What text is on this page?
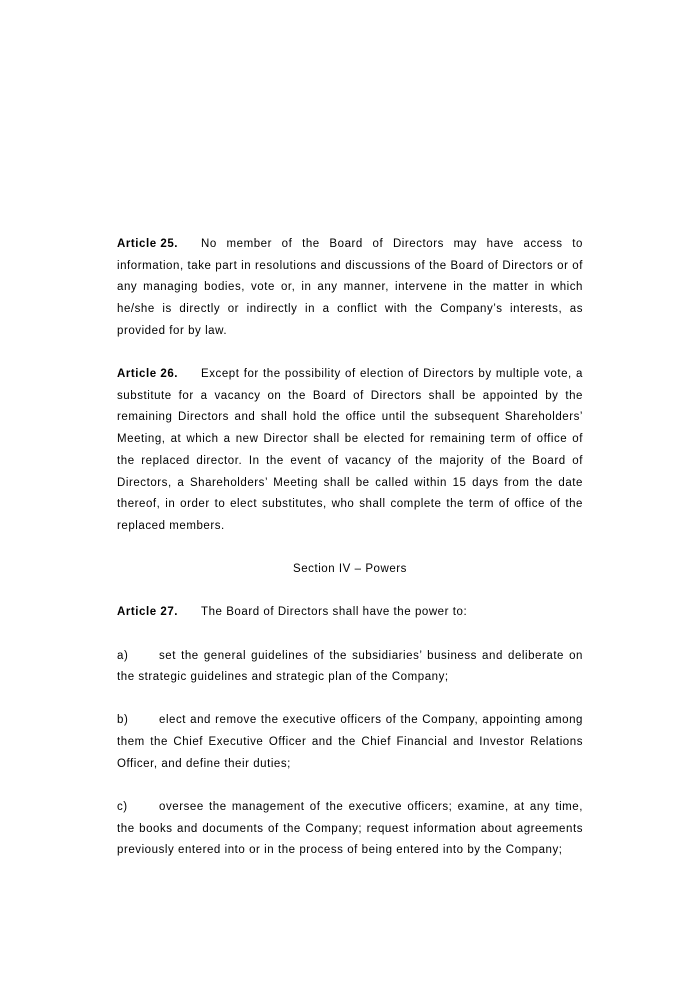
Article 25. No member of the Board of Directors may have access to information, take part in resolutions and discussions of the Board of Directors or of any managing bodies, vote or, in any manner, intervene in the matter in which he/she is directly or indirectly in a conflict with the Company’s interests, as provided for by law.

Article 26. Except for the possibility of election of Directors by multiple vote, a substitute for a vacancy on the Board of Directors shall be appointed by the remaining Directors and shall hold the office until the subsequent Shareholders’ Meeting, at which a new Director shall be elected for remaining term of office of the replaced director. In the event of vacancy of the majority of the Board of Directors, a Shareholders’ Meeting shall be called within 15 days from the date thereof, in order to elect substitutes, who shall complete the term of office of the replaced members.

Section IV – Powers

Article 27. The Board of Directors shall have the power to:

a)	set the general guidelines of the subsidiaries’ business and deliberate on the strategic guidelines and strategic plan of the Company;

b)	elect and remove the executive officers of the Company, appointing among them the Chief Executive Officer and the Chief Financial and Investor Relations Officer, and define their duties;

c)	oversee the management of the executive officers; examine, at any time, the books and documents of the Company; request information about agreements previously entered into or in the process of being entered into by the Company;
